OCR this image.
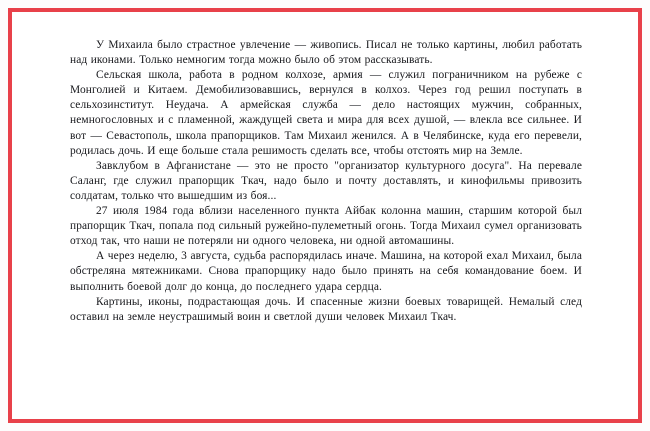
У Михаила было страстное увлечение — живопись. Писал не только картины, любил работать над иконами. Только немногим тогда можно было об этом рассказывать.

Сельская школа, работа в родном колхозе, армия — служил пограничником на рубеже с Монголией и Китаем. Демобилизовавшись, вернулся в колхоз. Через год решил поступать в сельхозинститут. Неудача. А армейская служба — дело настоящих мужчин, собранных, немногословных и с пламенной, жаждущей света и мира для всех душой, — влекла все сильнее. И вот — Севастополь, школа прапорщиков. Там Михаил женился. А в Челябинске, куда его перевели, родилась дочь. И еще больше стала решимость сделать все, чтобы отстоять мир на Земле.

Завклубом в Афганистане — это не просто "организатор культурного досуга". На перевале Саланг, где служил прапорщик Ткач, надо было и почту доставлять, и кинофильмы привозить солдатам, только что вышедшим из боя...

27 июля 1984 года вблизи населенного пункта Айбак колонна машин, старшим которой был прапорщик Ткач, попала под сильный ружейно-пулеметный огонь. Тогда Михаил сумел организовать отход так, что наши не потеряли ни одного человека, ни одной автомашины.

А через неделю, 3 августа, судьба распорядилась иначе. Машина, на которой ехал Михаил, была обстреляна мятежниками. Снова прапорщику надо было принять на себя командование боем. И выполнить боевой долг до конца, до последнего удара сердца.

Картины, иконы, подрастающая дочь. И спасенные жизни боевых товарищей. Немалый след оставил на земле неустрашимый воин и светлой души человек Михаил Ткач.
